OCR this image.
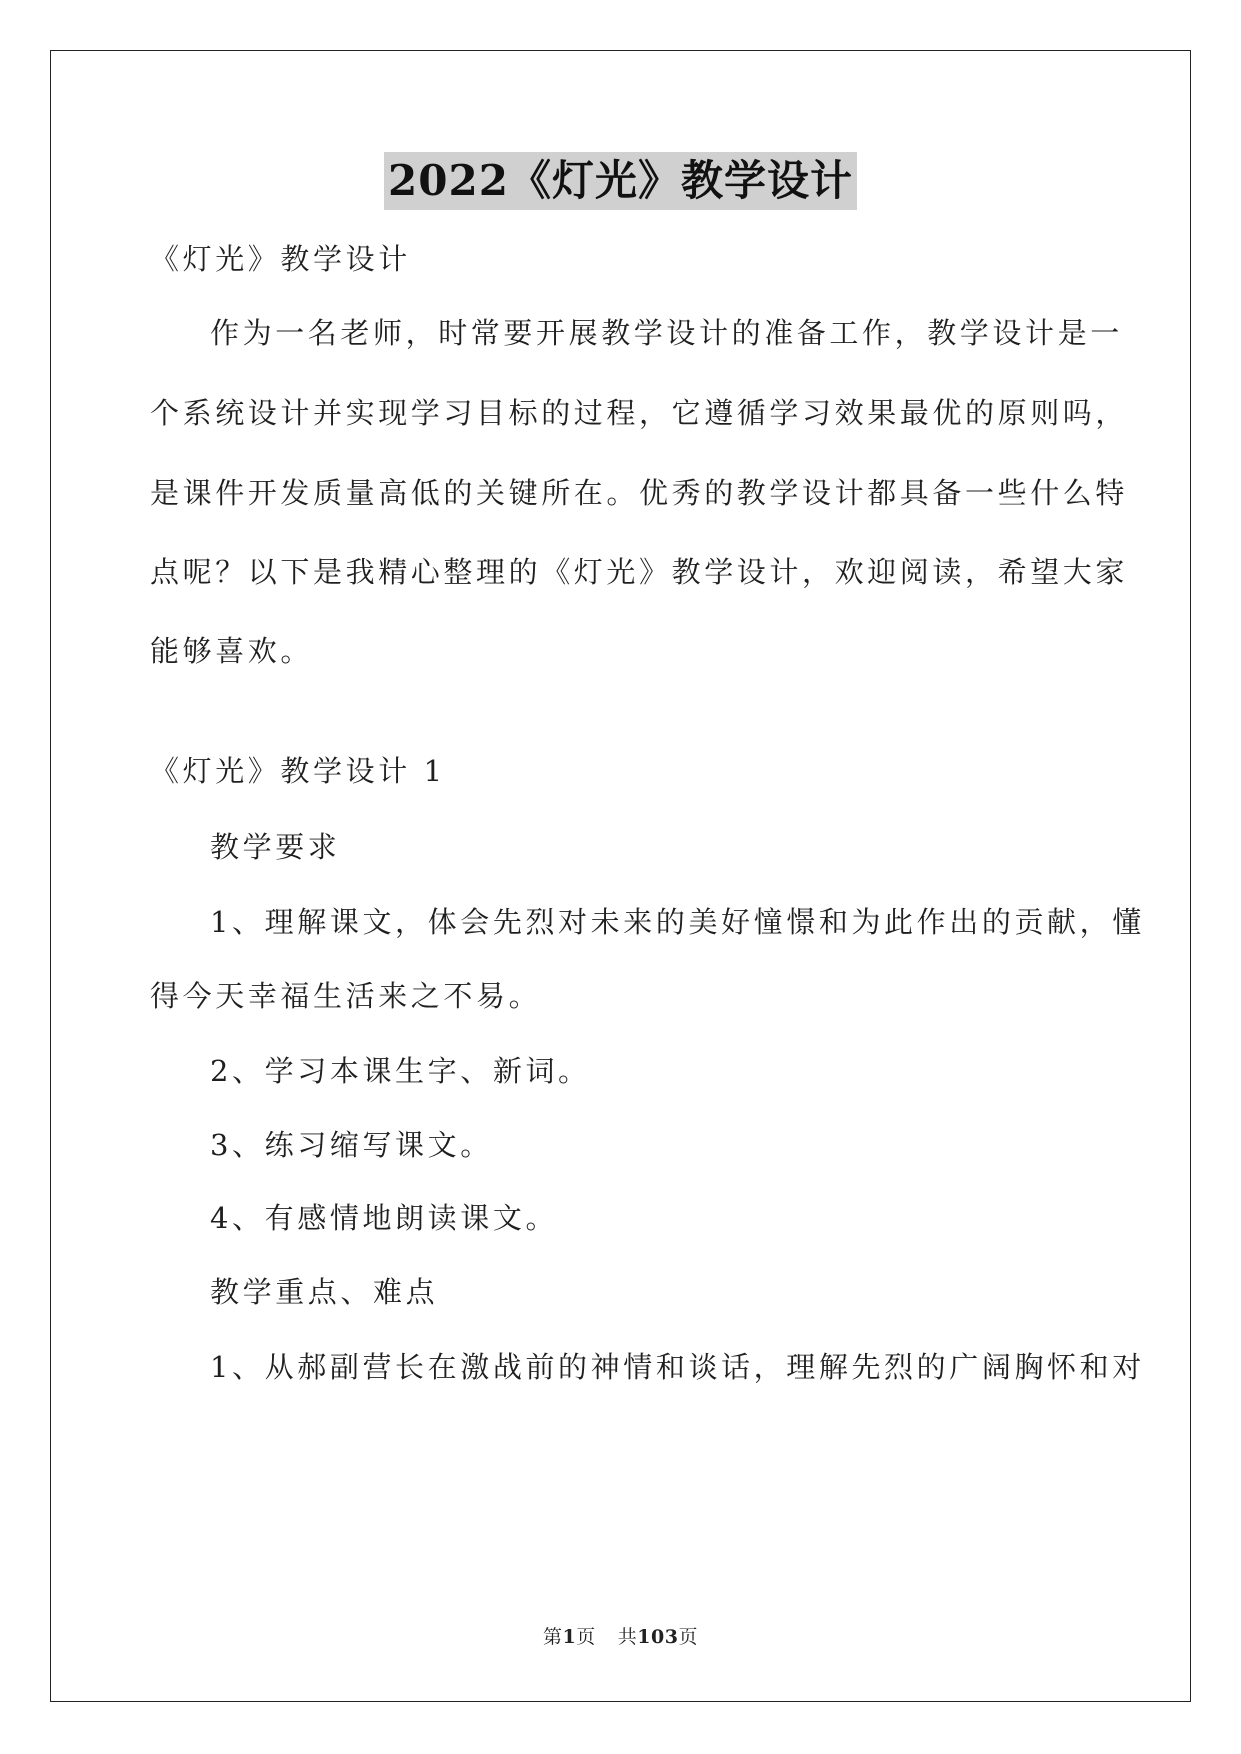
2022《灯光》教学设计
《灯光》教学设计
作为一名老师，时常要开展教学设计的准备工作，教学设计是一
个系统设计并实现学习目标的过程，它遵循学习效果最优的原则吗，
是课件开发质量高低的关键所在。优秀的教学设计都具备一些什么特
点呢？以下是我精心整理的《灯光》教学设计，欢迎阅读，希望大家
能够喜欢。
《灯光》教学设计 1
教学要求
1、理解课文，体会先烈对未来的美好憧憬和为此作出的贡献，懂
得今天幸福生活来之不易。
2、学习本课生字、新词。
3、练习缩写课文。
4、有感情地朗读课文。
教学重点、难点
1、从郝副营长在激战前的神情和谈话，理解先烈的广阔胸怀和对
第1页 共103页
